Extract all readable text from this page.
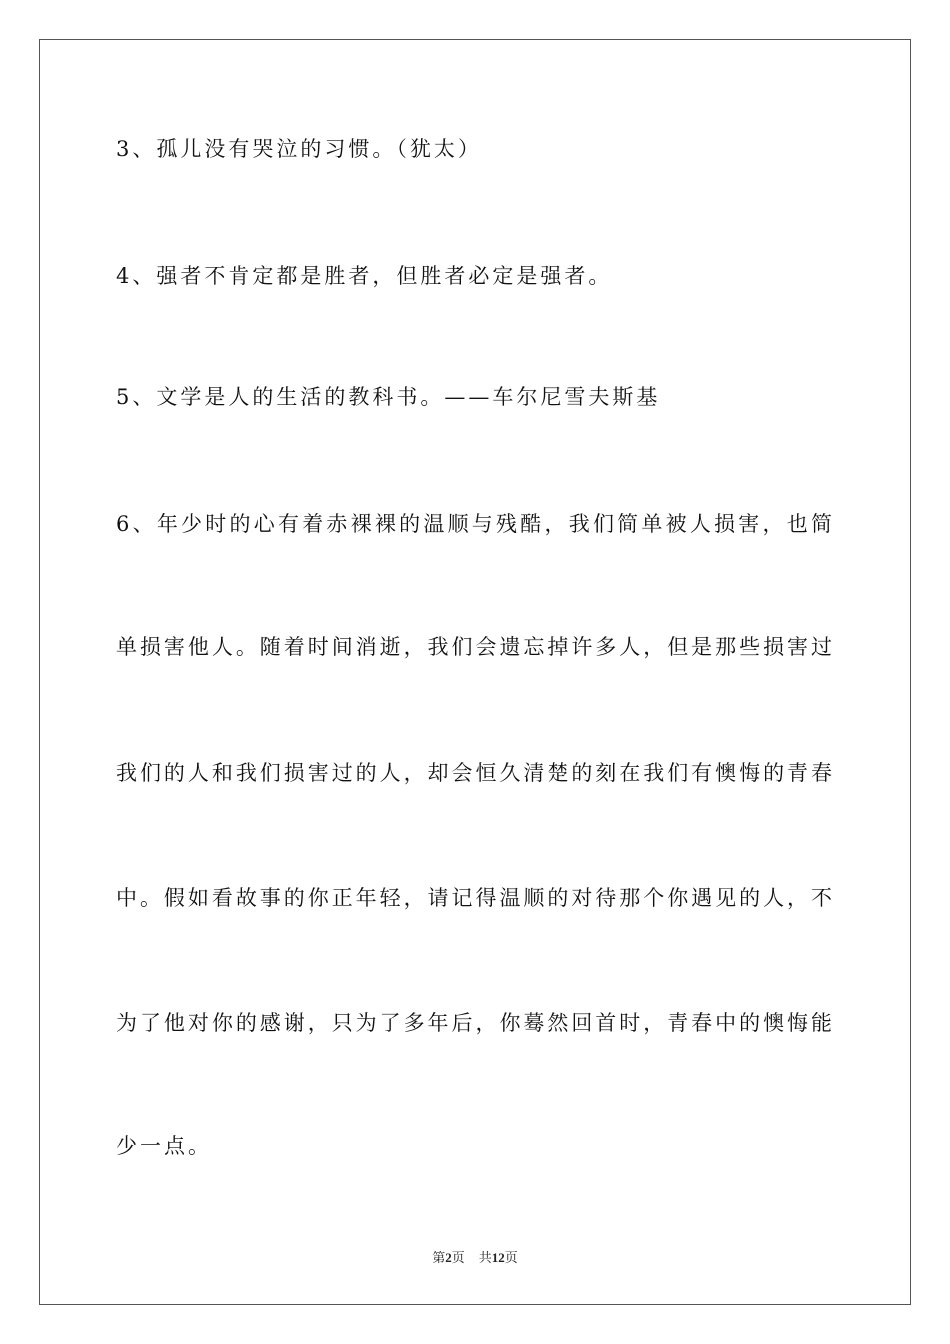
3、孤儿没有哭泣的习惯。（犹太）

4、强者不肯定都是胜者，但胜者必定是强者。

5、文学是人的生活的教科书。——车尔尼雪夫斯基

6、年少时的心有着赤裸裸的温顺与残酷，我们简单被人损害，也简

单损害他人。随着时间消逝，我们会遗忘掉许多人，但是那些损害过

我们的人和我们损害过的人，却会恒久清楚的刻在我们有懊悔的青春

中。假如看故事的你正年轻，请记得温顺的对待那个你遇见的人，不

为了他对你的感谢，只为了多年后，你蓦然回首时，青春中的懊悔能

少一点。

第2页 共12页
